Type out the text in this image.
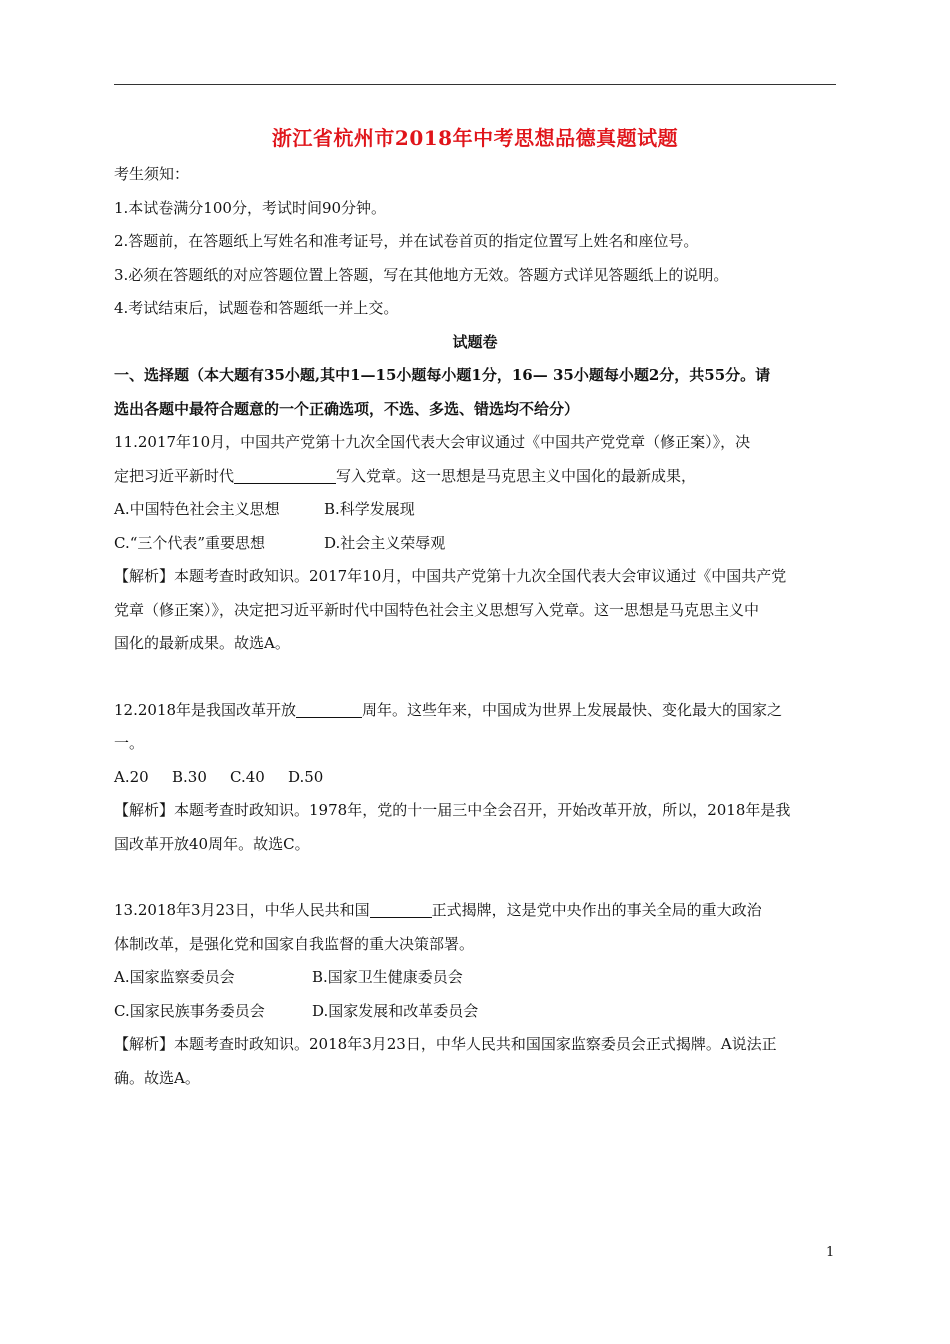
浙江省杭州市2018年中考思想品德真题试题

考生须知：

1.本试卷满分100分，考试时间90分钟。

2.答题前，在答题纸上写姓名和准考证号，并在试卷首页的指定位置写上姓名和座位号。

3.必须在答题纸的对应答题位置上答题，写在其他地方无效。答题方式详见答题纸上的说明。

4.考试结束后，试题卷和答题纸一并上交。

试题卷

一、选择题（本大题有35小题,其中1—15小题每小题1分，16— 35小题每小题2分，共55分。请

选出各题中最符合题意的一个正确选项，不选、多选、错选均不给分）

11.2017年10月，中国共产党第十九次全国代表大会审议通过《中国共产党党章（修正案）》，决

定把习近平新时代	写入党章。这一思想是马克思主义中国化的最新成果，

A.中国特色社会主义思想	B.科学发展现

C.“三个代表”重要思想	D.社会主义荣辱观

【解析】本题考查时政知识。2017年10月，中国共产党第十九次全国代表大会审议通过《中国共产党

党章（修正案）》，决定把习近平新时代中国特色社会主义思想写入党章。这一思想是马克思主义中

国化的最新成果。故选A。

12.2018年是我国改革开放	周年。这些年来，中国成为世界上发展最快、变化最大的国家之

一。

A.20 B.30 C.40 D.50

【解析】本题考查时政知识。1978年，党的十一届三中全会召开，开始改革开放，所以，2018年是我

国改革开放40周年。故选C。

13.2018年3月23日，中华人民共和国	正式揭牌，这是党中央作出的事关全局的重大政治

体制改革，是强化党和国家自我监督的重大决策部署。

A.国家监察委员会	B.国家卫生健康委员会

C.国家民族事务委员会	D.国家发展和改革委员会

【解析】本题考查时政知识。2018年3月23日，中华人民共和国国家监察委员会正式揭牌。A说法正

确。故选A。

1
